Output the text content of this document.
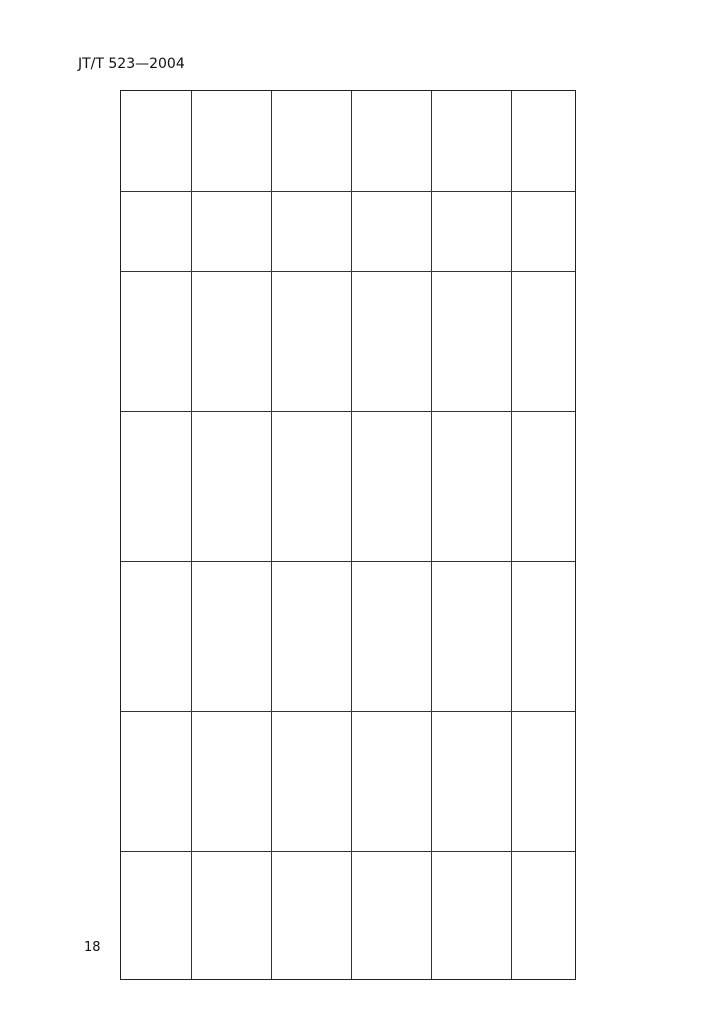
JT/T 523—2004
18
